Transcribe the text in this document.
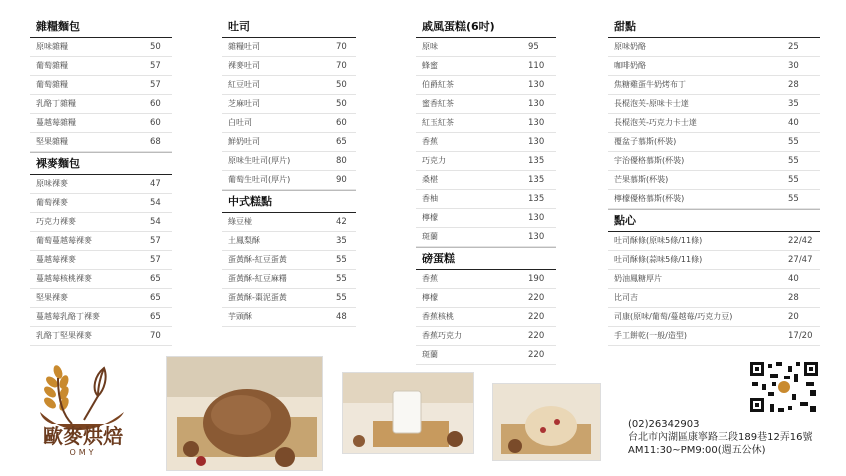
雜糧麵包
原味雜糧	50
葡萄雜糧	57
葡萄雜糧	57
乳酪丁雜糧	60
蔓越莓雜糧	60
堅果雜糧	68
裸麥麵包
原味裸麥	47
葡萄裸麥	54
巧克力裸麥	54
葡萄蔓越莓裸麥	57
蔓越莓裸麥	57
蔓越莓核桃裸麥	65
堅果裸麥	65
蔓越莓乳酪丁裸麥	65
乳酪丁堅果裸麥	70
吐司
雜糧吐司	70
裸麥吐司	70
紅豆吐司	50
芝麻吐司	50
白吐司	60
鮮奶吐司	65
原味生吐司(厚片)	80
葡萄生吐司(厚片)	90
中式糕點
綠豆椪	42
土鳳梨酥	35
蛋黃酥-紅豆蛋黃	55
蛋黃酥-紅豆麻糬	55
蛋黃酥-棗泥蛋黃	55
芋頭酥	48
戚風蛋糕(6吋)
原味	95
蜂蜜	110
伯爵紅茶	130
蜜香紅茶	130
紅玉紅茶	130
香蕉	130
巧克力	135
桑椹	135
香柚	135
檸檬	130
斑蘭	130
磅蛋糕
香蕉	190
檸檬	220
香蕉核桃	220
香蕉巧克力	220
斑蘭	220
甜點
原味奶酪	25
咖啡奶酪	30
焦糖雞蛋牛奶烤布丁	28
長棍泡芙-原味卡士達	35
長棍泡芙-巧克力卡士達	40
覆盆子慕斯(杯裝)	55
宇治優格慕斯(杯裝)	55
芒果慕斯(杯裝)	55
檸檬優格慕斯(杯裝)	55
點心
吐司酥條(原味5條/11條)	22/42
吐司酥條(蒜味5條/11條)	27/47
奶油鳳糖厚片	40
比司吉	28
司康(原味/葡萄/蔓越莓/巧克力豆)	20
手工餅乾(一般/造型)	17/20
歐麥烘焙
OMY
(02)26342903
台北市內湖區康寧路三段189巷12弄16號
AM11:30~PM9:00(週五公休)
